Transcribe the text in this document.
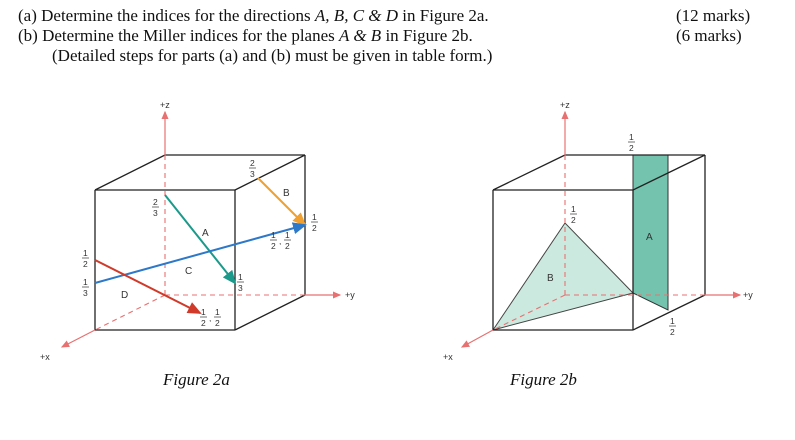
(a) Determine the indices for the directions A, B, C & D in Figure 2a.	(12 marks)
(b) Determine the Miller indices for the planes A & B in Figure 2b.	(6 marks)
(Detailed steps for parts (a) and (b) must be given in table form.)
+z
+y
+x
A
B
C
D
2
3
2
3
1
2
1
2 ,
1
2
1
3
1
2
1
3
1
2 ,
1
2
+z
+y
+x
A
B
1
2
1
2
1
2
Figure 2a	Figure 2b
